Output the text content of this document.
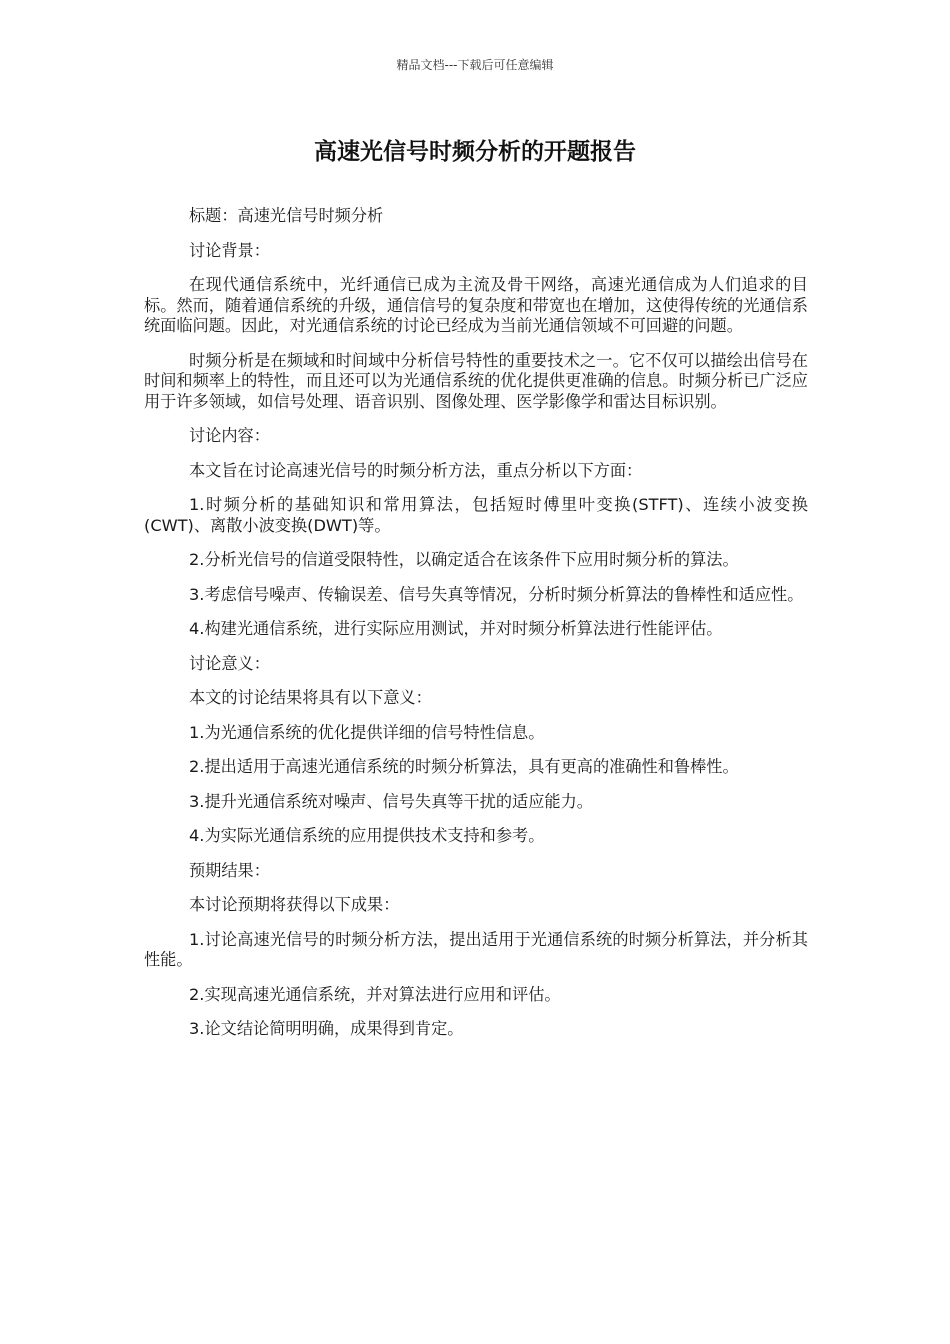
精品文档---下载后可任意编辑
高速光信号时频分析的开题报告

标题：高速光信号时频分析

讨论背景：

在现代通信系统中，光纤通信已成为主流及骨干网络，高速光通信成为人们追求的目标。然而，随着通信系统的升级，通信信号的复杂度和带宽也在增加，这使得传统的光通信系统面临问题。因此，对光通信系统的讨论已经成为当前光通信领域不可回避的问题。

时频分析是在频域和时间域中分析信号特性的重要技术之一。它不仅可以描绘出信号在时间和频率上的特性，而且还可以为光通信系统的优化提供更准确的信息。时频分析已广泛应用于许多领域，如信号处理、语音识别、图像处理、医学影像学和雷达目标识别。

讨论内容：

本文旨在讨论高速光信号的时频分析方法，重点分析以下方面：

1.时频分析的基础知识和常用算法，包括短时傅里叶变换(STFT)、连续小波变换(CWT)、离散小波变换(DWT)等。

2.分析光信号的信道受限特性，以确定适合在该条件下应用时频分析的算法。

3.考虑信号噪声、传输误差、信号失真等情况，分析时频分析算法的鲁棒性和适应性。

4.构建光通信系统，进行实际应用测试，并对时频分析算法进行性能评估。

讨论意义：

本文的讨论结果将具有以下意义：

1.为光通信系统的优化提供详细的信号特性信息。

2.提出适用于高速光通信系统的时频分析算法，具有更高的准确性和鲁棒性。

3.提升光通信系统对噪声、信号失真等干扰的适应能力。

4.为实际光通信系统的应用提供技术支持和参考。

预期结果：

本讨论预期将获得以下成果：

1.讨论高速光信号的时频分析方法，提出适用于光通信系统的时频分析算法，并分析其性能。

2.实现高速光通信系统，并对算法进行应用和评估。

3.论文结论简明明确，成果得到肯定。
